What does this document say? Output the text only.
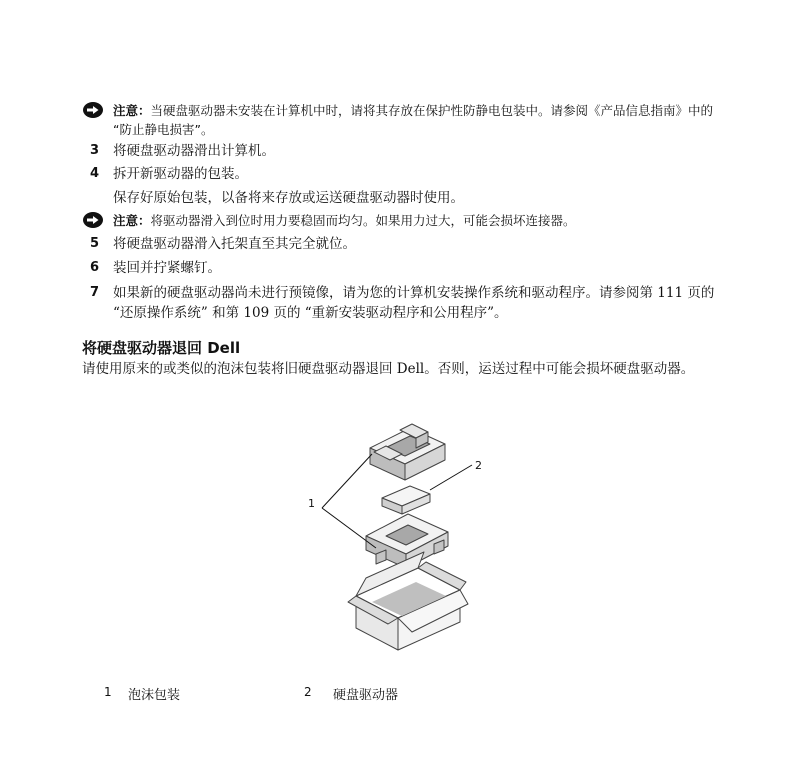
注意：当硬盘驱动器未安装在计算机中时，请将其存放在保护性防静电包装中。请参阅《产品信息指南》中的 “防止静电损害”。
3 将硬盘驱动器滑出计算机。
4 拆开新驱动器的包装。
保存好原始包装，以备将来存放或运送硬盘驱动器时使用。
注意：将驱动器滑入到位时用力要稳固而均匀。如果用力过大，可能会损坏连接器。
5 将硬盘驱动器滑入托架直至其完全就位。
6 装回并拧紧螺钉。
7 如果新的硬盘驱动器尚未进行预镜像，请为您的计算机安装操作系统和驱动程序。请参阅第 111 页的 “还原操作系统” 和第 109 页的 “重新安装驱动程序和公用程序”。
将硬盘驱动器退回 Dell
请使用原来的或类似的泡沫包装将旧硬盘驱动器退回 Dell。否则，运送过程中可能会损坏硬盘驱动器。
1
2
1 泡沫包装	2 硬盘驱动器
